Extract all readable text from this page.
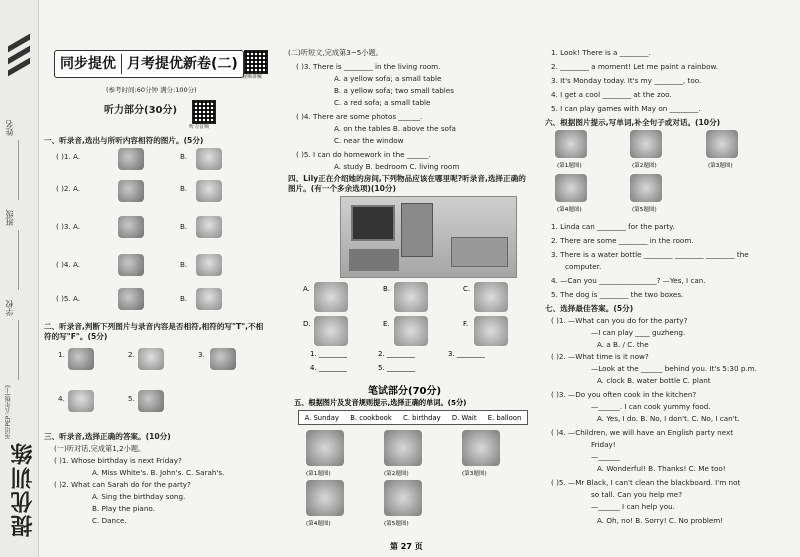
姓名
班级
学校
英语PEP 五年级(上)
提优训练
同步提优 月考提优新卷(二)
视频讲解
(参考时间:60分钟 满分:100分)
听力部分(30分)
听力音频
一、听录音,选出与所听内容相符的图片。(5分)
( )1. A.	B.
( )2. A.	B.
( )3. A.	B.
( )4. A.	B.
( )5. A.	B.
二、听录音,判断下列图片与录音内容是否相符,相符的写"T",不相符的写"F"。(5分)
1.	2.	3.
4.	5.
三、听录音,选择正确的答案。(10分)
(一)听对话,完成第1,2小题。
( )1. Whose birthday is next Friday?
A. Miss White's. B. John's. C. Sarah's.
( )2. What can Sarah do for the party?
A. Sing the birthday song.
B. Play the piano.
C. Dance.
(二)听短文,完成第3~5小题。
( )3. There is ________ in the living room.
A. a yellow sofa; a small table
B. a yellow sofa; two small tables
C. a red sofa; a small table
( )4. There are some photos ______.
A. on the tables B. above the sofa
C. near the window
( )5. I can do homework in the ______.
A. study B. bedroom C. living room
四、Lily正在介绍她的房间,下列物品应该在哪里呢?听录音,选择正确的图片。(有一个多余选项)(10分)
A.	B.	C.
D.	E.	F.
1. ________	2. ________	3. ________
4. ________	5. ________
笔试部分(70分)
五、根据图片及发音规则提示,选择正确的单词。(5分)
A. Sunday B. cookbook C. birthday D. Wait E. balloon
(第1题图)	(第2题图)	(第3题图)
(第4题图)	(第5题图)
第 27 页
1. Look! There is a ________.
2. ________ a moment! Let me paint a rainbow.
3. It's Monday today. It's my ________, too.
4. I get a cool ________ at the zoo.
5. I can play games with May on ________.
六、根据图片提示,写单词,补全句子或对话。(10分)
(第1题图)	(第2题图)	(第3题图)
(第4题图)	(第5题图)
1. Linda can ________ for the party.
2. There are some ________ in the room.
3. There is a water bottle ________ ________ ________ the
computer.
4. —Can you ________________? —Yes, I can.
5. The dog is ________ the two boxes.
七、选择最佳答案。(5分)
( )1. —What can you do for the party?
—I can play ____ guzheng.
A. a B. / C. the
( )2. —What time is it now?
—Look at the ______ behind you. It's 5:30 p.m.
A. clock B. water bottle C. plant
( )3. —Do you often cook in the kitchen?
—______. I can cook yummy food.
A. Yes, I do. B. No, I don't. C. No, I can't.
( )4. —Children, we will have an English party next
Friday!
—______
A. Wonderful! B. Thanks! C. Me too!
( )5. —Mr Black, I can't clean the blackboard. I'm not
so tall. Can you help me?
—______ I can help you.
A. Oh, no! B. Sorry! C. No problem!
